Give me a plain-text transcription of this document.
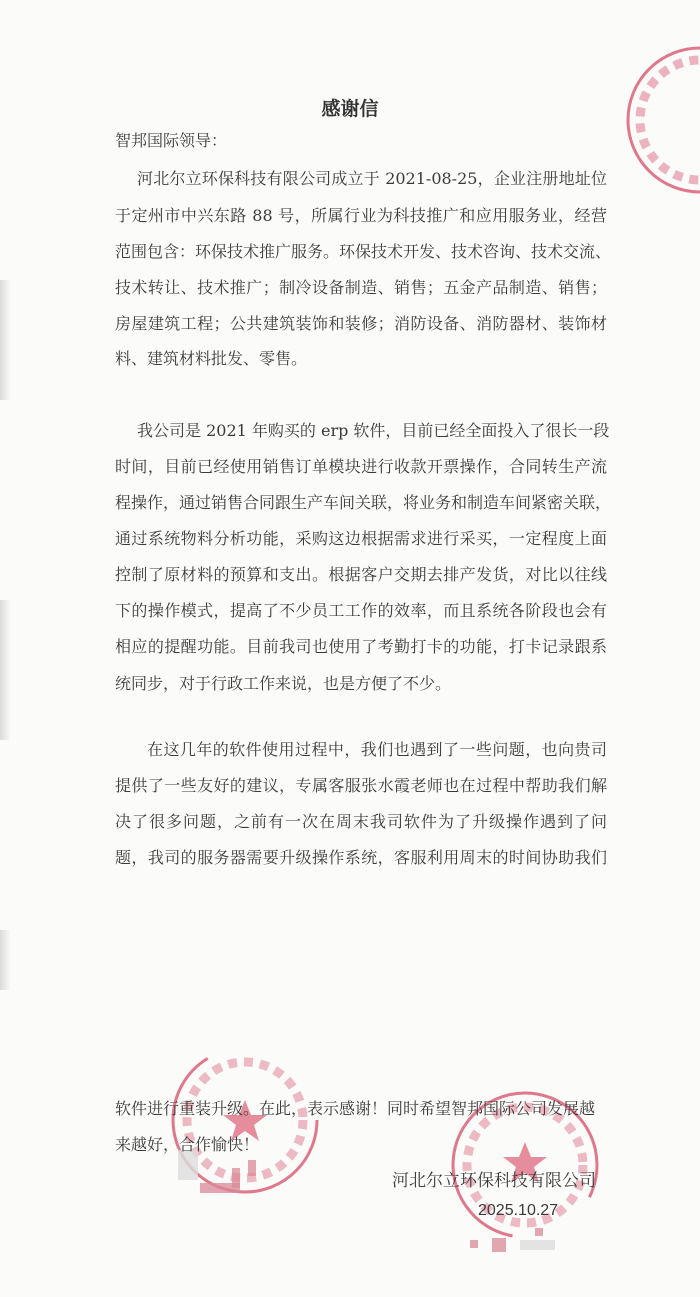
感谢信
智邦国际领导：
河北尔立环保科技有限公司成立于 2021-08-25，企业注册地址位
于定州市中兴东路 88 号，所属行业为科技推广和应用服务业，经营
范围包含：环保技术推广服务。环保技术开发、技术咨询、技术交流、
技术转让、技术推广；制冷设备制造、销售；五金产品制造、销售；
房屋建筑工程；公共建筑装饰和装修；消防设备、消防器材、装饰材
料、建筑材料批发、零售。
我公司是 2021 年购买的 erp 软件，目前已经全面投入了很长一段
时间，目前已经使用销售订单模块进行收款开票操作，合同转生产流
程操作，通过销售合同跟生产车间关联，将业务和制造车间紧密关联，
通过系统物料分析功能，采购这边根据需求进行采买，一定程度上面
控制了原材料的预算和支出。根据客户交期去排产发货，对比以往线
下的操作模式，提高了不少员工工作的效率，而且系统各阶段也会有
相应的提醒功能。目前我司也使用了考勤打卡的功能，打卡记录跟系
统同步，对于行政工作来说，也是方便了不少。
在这几年的软件使用过程中，我们也遇到了一些问题，也向贵司
提供了一些友好的建议，专属客服张水霞老师也在过程中帮助我们解
决了很多问题，之前有一次在周末我司软件为了升级操作遇到了问
题，我司的服务器需要升级操作系统，客服利用周末的时间协助我们
软件进行重装升级。在此，表示感谢！同时希望智邦国际公司发展越
来越好，合作愉快！
河北尔立环保科技有限公司
2025.10.27
